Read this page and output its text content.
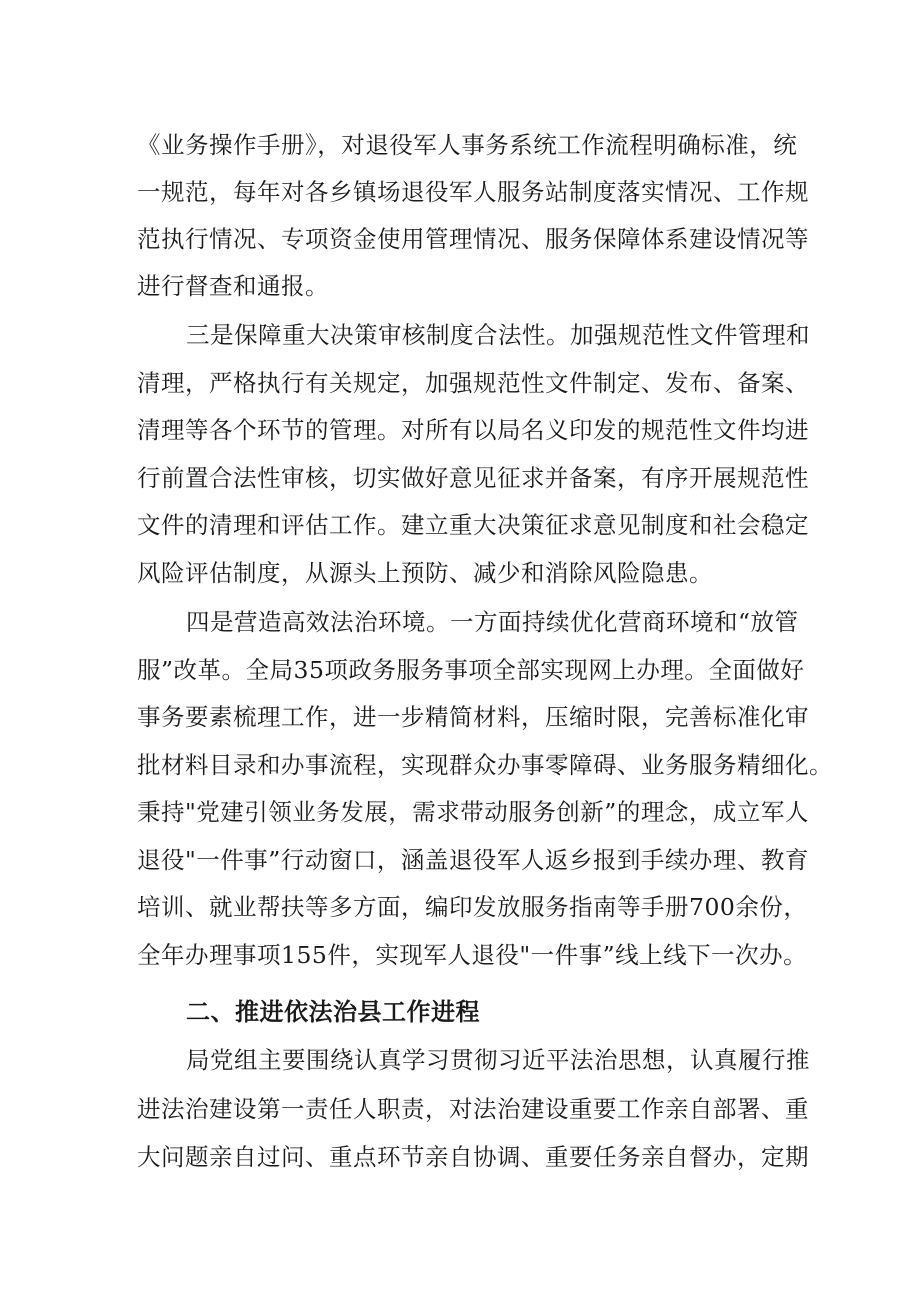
《业务操作手册》，对退役军人事务系统工作流程明确标准，统
一规范，每年对各乡镇场退役军人服务站制度落实情况、工作规
范执行情况、专项资金使用管理情况、服务保障体系建设情况等
进行督查和通报。
三是保障重大决策审核制度合法性。加强规范性文件管理和
清理，严格执行有关规定，加强规范性文件制定、发布、备案、
清理等各个环节的管理。对所有以局名义印发的规范性文件均进
行前置合法性审核，切实做好意见征求并备案，有序开展规范性
文件的清理和评估工作。建立重大决策征求意见制度和社会稳定
风险评估制度，从源头上预防、减少和消除风险隐患。
四是营造高效法治环境。一方面持续优化营商环境和“放管
服”改革。全局35项政务服务事项全部实现网上办理。全面做好
事务要素梳理工作，进一步精简材料，压缩时限，完善标准化审
批材料目录和办事流程，实现群众办事零障碍、业务服务精细化。
秉持"党建引领业务发展，需求带动服务创新”的理念，成立军人
退役"一件事”行动窗口，涵盖退役军人返乡报到手续办理、教育
培训、就业帮扶等多方面，编印发放服务指南等手册700余份，
全年办理事项155件，实现军人退役"一件事”线上线下一次办。
二、推进依法治县工作进程
局党组主要围绕认真学习贯彻习近平法治思想，认真履行推
进法治建设第一责任人职责，对法治建设重要工作亲自部署、重
大问题亲自过问、重点环节亲自协调、重要任务亲自督办，定期
